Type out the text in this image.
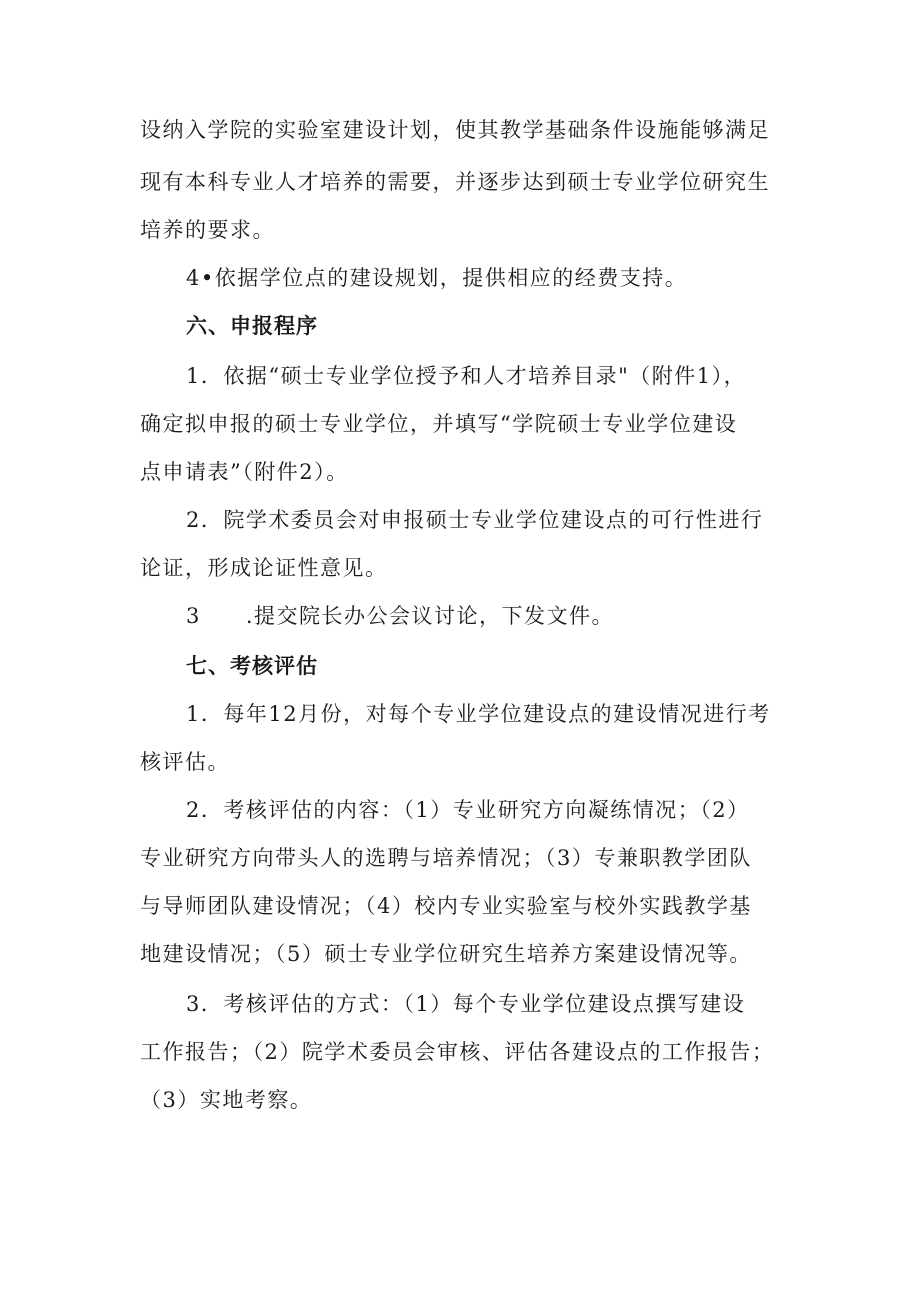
设纳入学院的实验室建设计划，使其教学基础条件设施能够满足
现有本科专业人才培养的需要，并逐步达到硕士专业学位研究生
培养的要求。
4•依据学位点的建设规划，提供相应的经费支持。
六、申报程序
1．依据“硕士专业学位授予和人才培养目录"（附件1），
确定拟申报的硕士专业学位，并填写“学院硕士专业学位建设
点申请表”（附件2）。
2．院学术委员会对申报硕士专业学位建设点的可行性进行
论证，形成论证性意见。
3　　.提交院长办公会议讨论，下发文件。
七、考核评估
1．每年12月份，对每个专业学位建设点的建设情况进行考
核评估。
2．考核评估的内容：（1）专业研究方向凝练情况；（2）
专业研究方向带头人的选聘与培养情况；（3）专兼职教学团队
与导师团队建设情况；（4）校内专业实验室与校外实践教学基
地建设情况；（5）硕士专业学位研究生培养方案建设情况等。
3．考核评估的方式：（1）每个专业学位建设点撰写建设
工作报告；（2）院学术委员会审核、评估各建设点的工作报告；
（3）实地考察。
